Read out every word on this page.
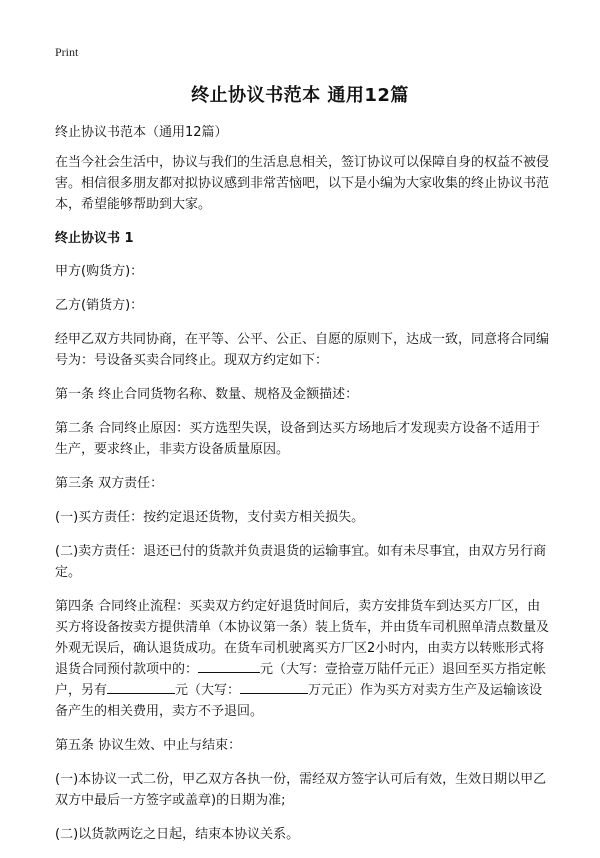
Print
终止协议书范本 通用12篇

终止协议书范本（通用12篇）

在当今社会生活中，协议与我们的生活息息相关，签订协议可以保障自身的权益不被侵害。相信很多朋友都对拟协议感到非常苦恼吧，以下是小编为大家收集的终止协议书范本，希望能够帮助到大家。

终止协议书 1

甲方(购货方)：

乙方(销货方)：

经甲乙双方共同协商，在平等、公平、公正、自愿的原则下，达成一致，同意将合同编号为：号设备买卖合同终止。现双方约定如下：

第一条 终止合同货物名称、数量、规格及金额描述：

第二条 合同终止原因：买方选型失误，设备到达买方场地后才发现卖方设备不适用于生产，要求终止，非卖方设备质量原因。

第三条 双方责任：

(一)买方责任：按约定退还货物，支付卖方相关损失。

(二)卖方责任：退还已付的货款并负责退货的运输事宜。如有未尽事宜，由双方另行商定。

第四条 合同终止流程：买卖双方约定好退货时间后，卖方安排货车到达买方厂区，由买方将设备按卖方提供清单（本协议第一条）装上货车，并由货车司机照单清点数量及外观无误后，确认退货成功。在货车司机驶离买方厂区2小时内，由卖方以转账形式将退货合同预付款项中的：	元（大写：壹拾壹万陆仟元正）退回至买方指定帐户，另有	元（大写：	万元正）作为买方对卖方生产及运输该设备产生的相关费用，卖方不予退回。

第五条 协议生效、中止与结束：

(一)本协议一式二份，甲乙双方各执一份，需经双方签字认可后有效，生效日期以甲乙双方中最后一方签字或盖章)的日期为准;

(二)以货款两讫之日起，结束本协议关系。
